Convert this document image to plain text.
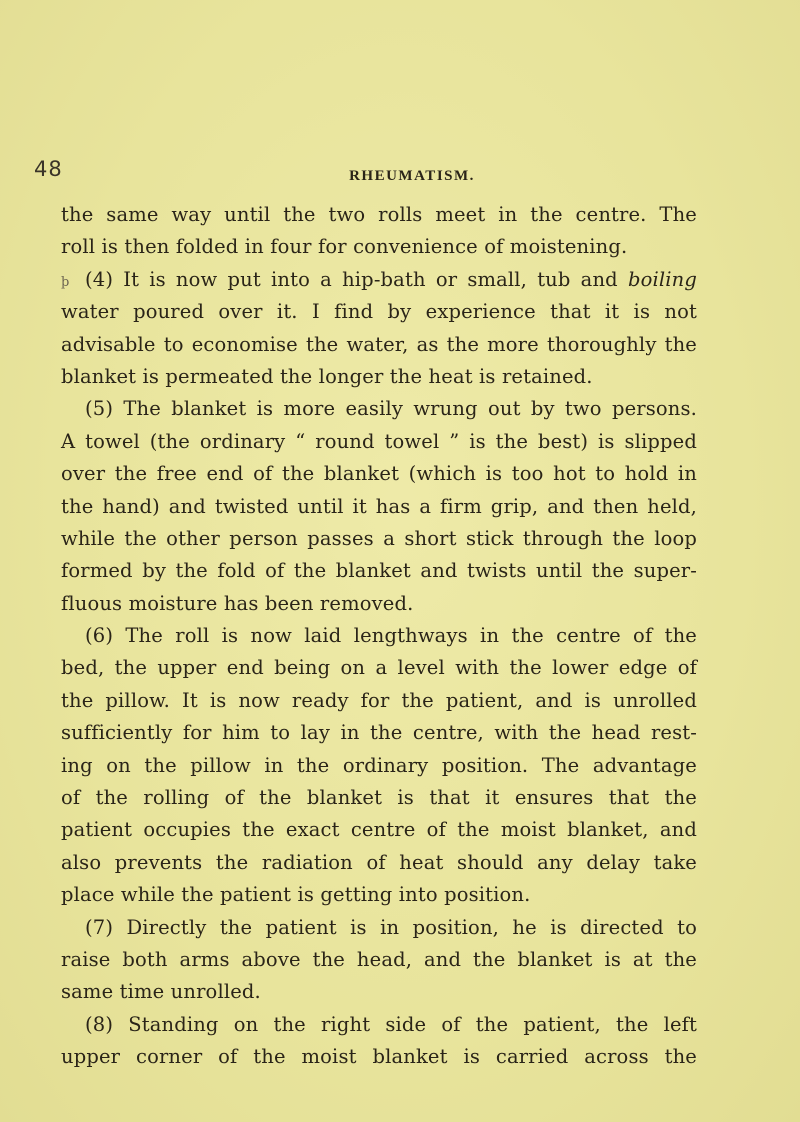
48	RHEUMATISM.
the same way until the two rolls meet in the centre. The
roll is then folded in four for convenience of moistening.
þ (4) It is now put into a hip-bath or small, tub and boiling
water poured over it. I find by experience that it is not
advisable to economise the water, as the more thoroughly the
blanket is permeated the longer the heat is retained.
(5) The blanket is more easily wrung out by two persons.
A towel (the ordinary “ round towel ” is the best) is slipped
over the free end of the blanket (which is too hot to hold in
the hand) and twisted until it has a firm grip, and then held,
while the other person passes a short stick through the loop
formed by the fold of the blanket and twists until the super-
fluous moisture has been removed.
(6) The roll is now laid lengthways in the centre of the
bed, the upper end being on a level with the lower edge of
the pillow. It is now ready for the patient, and is unrolled
sufficiently for him to lay in the centre, with the head rest-
ing on the pillow in the ordinary position. The advantage
of the rolling of the blanket is that it ensures that the
patient occupies the exact centre of the moist blanket, and
also prevents the radiation of heat should any delay take
place while the patient is getting into position.
(7) Directly the patient is in position, he is directed to
raise both arms above the head, and the blanket is at the
same time unrolled.
(8) Standing on the right side of the patient, the left
upper corner of the moist blanket is carried across the
